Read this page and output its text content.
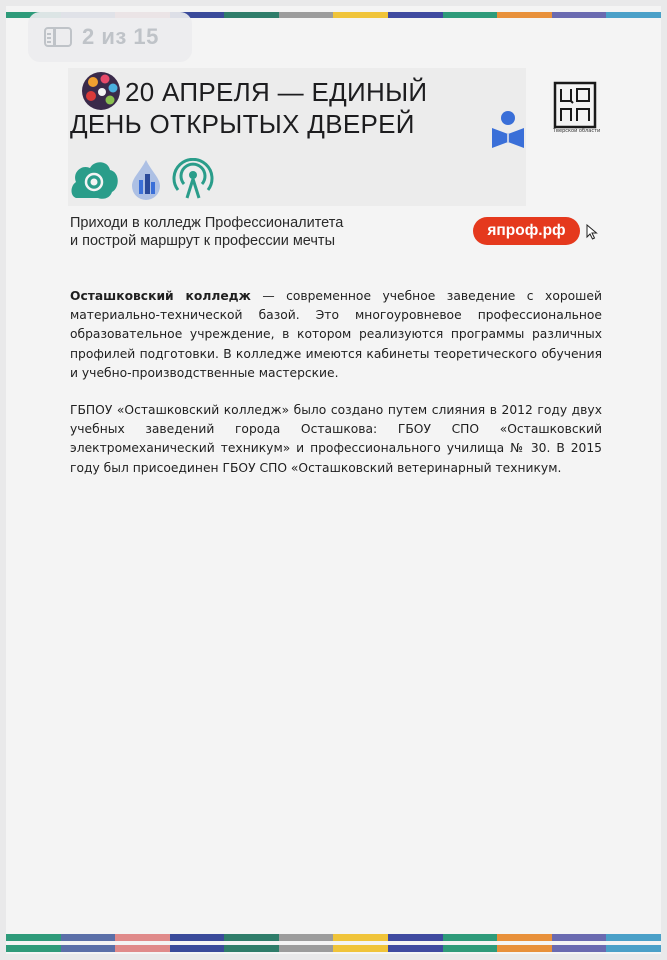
20 АПРЕЛЯ — ЕДИНЫЙ
ДЕНЬ ОТКРЫТЫХ ДВЕРЕЙ	Тверской области
Приходи в колледж Профессионалитета
и построй маршрут к профессии мечты
япроф.рф
Осташковский колледж — современное учебное заведение с хорошей материально-технической базой. Это многоуровневое профессиональное образовательное учреждение, в котором реализуются программы различных профилей подготовки. В колледже имеются кабинеты теоретического обучения и учебно-производственные мастерские.
ГБПОУ «Осташковский колледж» было создано путем слияния в 2012 году двух учебных заведений города Осташкова: ГБОУ СПО «Осташковский электромеханический техникум» и профессионального училища № 30. В 2015 году был присоединен ГБОУ СПО «Осташковский ветеринарный техникум.
2 из 15
